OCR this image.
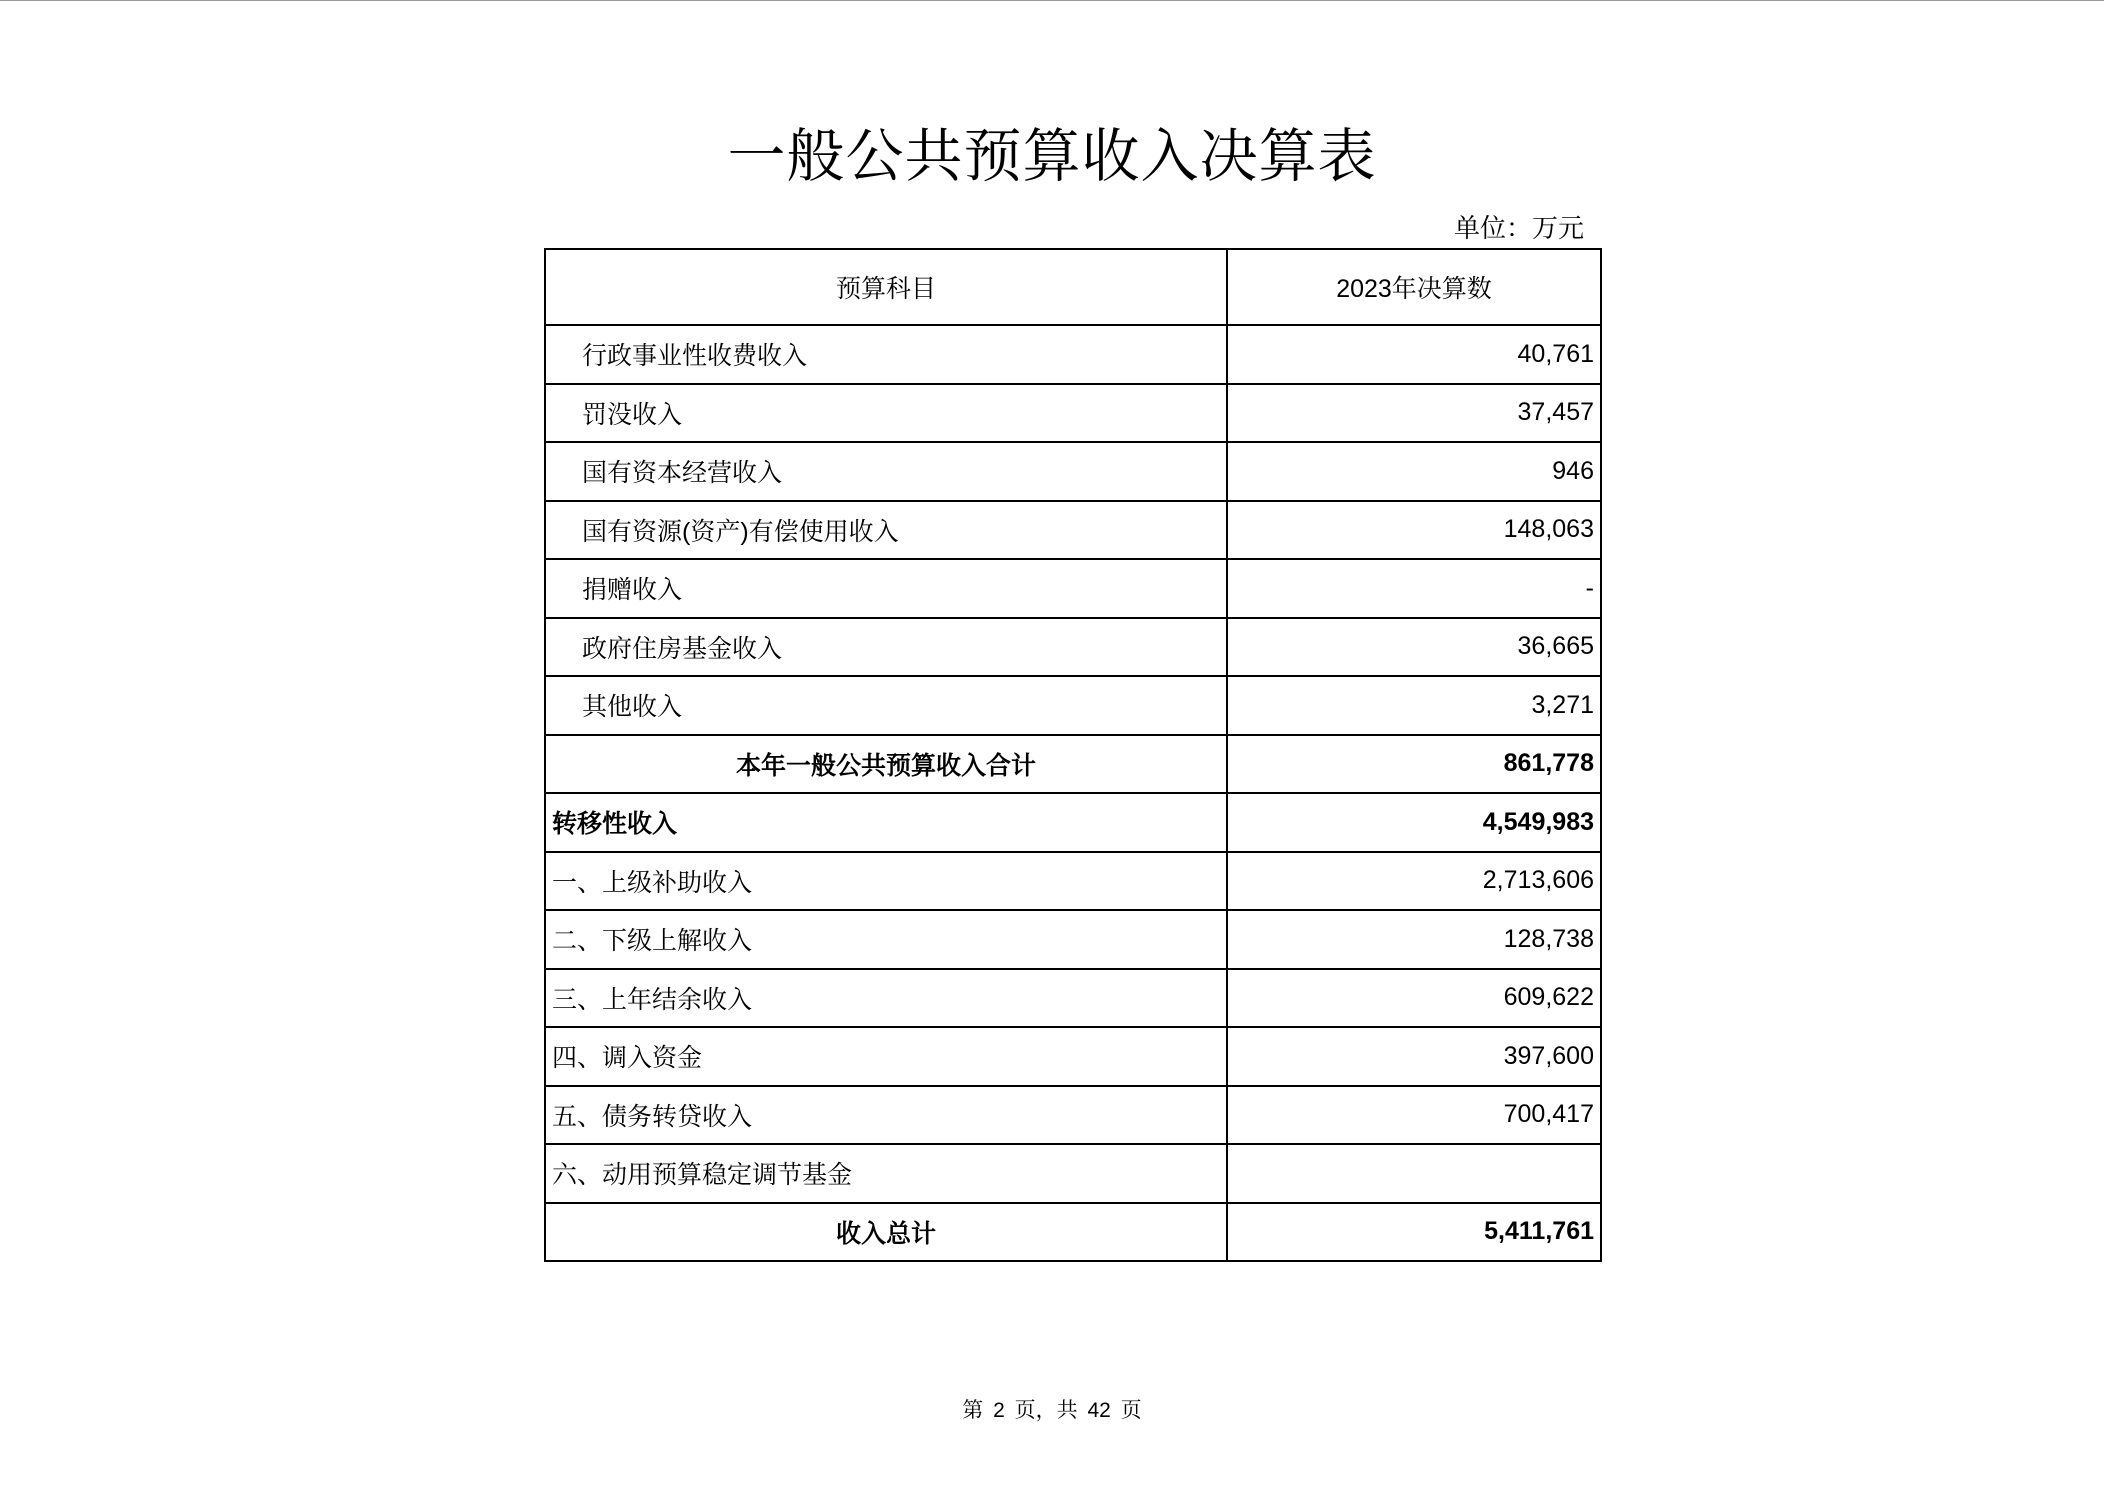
一般公共预算收入决算表
单位：万元
预算科目	2023年决算数
行政事业性收费收入	40,761
罚没收入	37,457
国有资本经营收入	946
国有资源(资产)有偿使用收入	148,063
捐赠收入	-
政府住房基金收入	36,665
其他收入	3,271
本年一般公共预算收入合计	861,778
转移性收入	4,549,983
一、上级补助收入	2,713,606
二、下级上解收入	128,738
三、上年结余收入	609,622
四、调入资金	397,600
五、债务转贷收入	700,417
六、动用预算稳定调节基金	
收入总计	5,411,761
第 2 页，共 42 页
